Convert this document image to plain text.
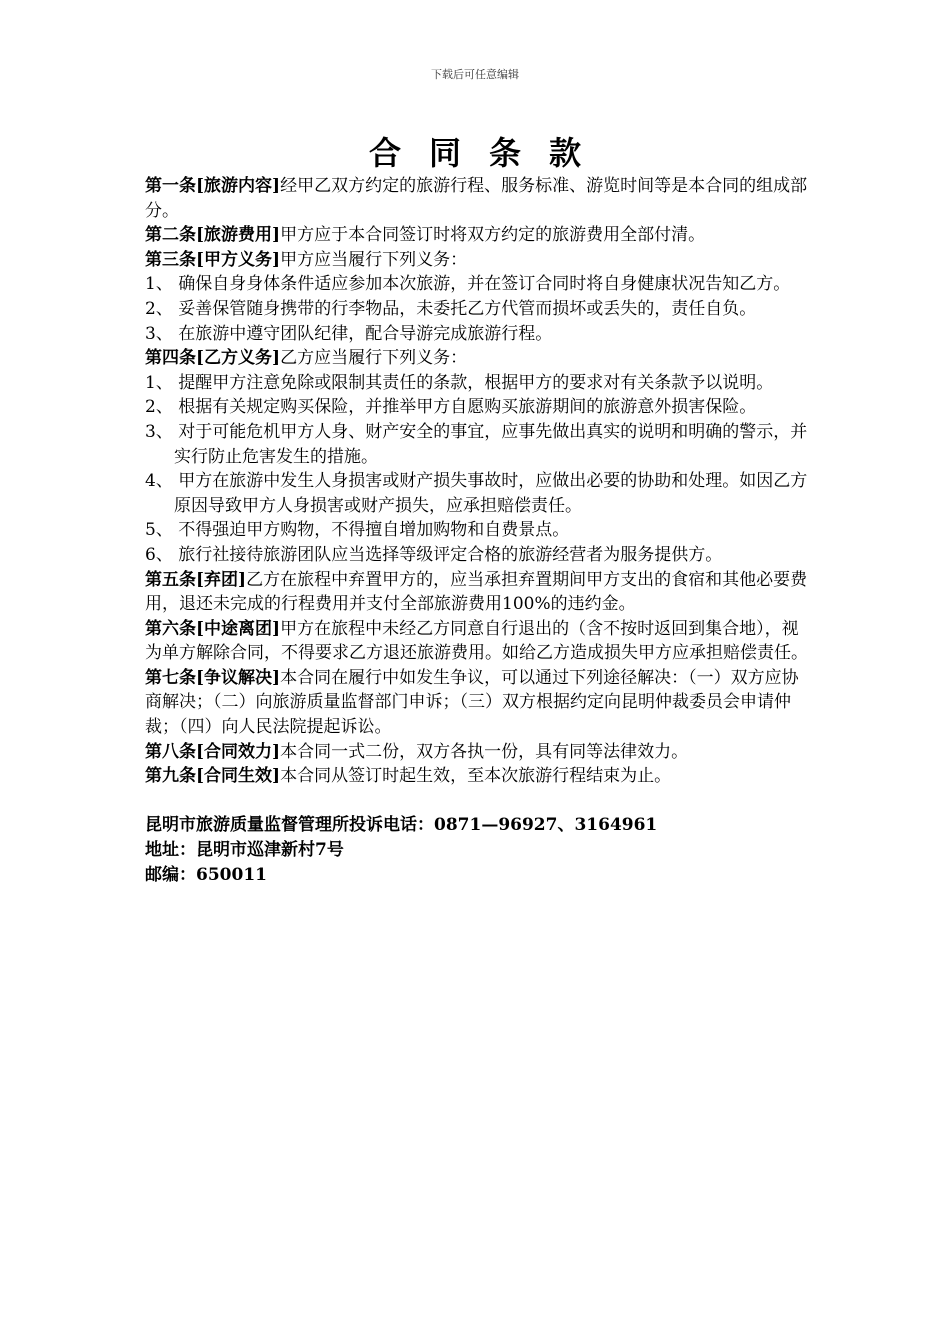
下载后可任意编辑
合同条款

第一条[旅游内容]经甲乙双方约定的旅游行程、服务标准、游览时间等是本合同的组成部分。

第二条[旅游费用]甲方应于本合同签订时将双方约定的旅游费用全部付清。

第三条[甲方义务]甲方应当履行下列义务：

1、 确保自身身体条件适应参加本次旅游，并在签订合同时将自身健康状况告知乙方。

2、 妥善保管随身携带的行李物品，未委托乙方代管而损坏或丢失的，责任自负。

3、 在旅游中遵守团队纪律，配合导游完成旅游行程。

第四条[乙方义务]乙方应当履行下列义务：

1、 提醒甲方注意免除或限制其责任的条款，根据甲方的要求对有关条款予以说明。

2、 根据有关规定购买保险，并推举甲方自愿购买旅游期间的旅游意外损害保险。

3、 对于可能危机甲方人身、财产安全的事宜，应事先做出真实的说明和明确的警示，并实行防止危害发生的措施。

4、 甲方在旅游中发生人身损害或财产损失事故时，应做出必要的协助和处理。如因乙方原因导致甲方人身损害或财产损失，应承担赔偿责任。

5、 不得强迫甲方购物，不得擅自增加购物和自费景点。

6、 旅行社接待旅游团队应当选择等级评定合格的旅游经营者为服务提供方。

第五条[弃团]乙方在旅程中弃置甲方的，应当承担弃置期间甲方支出的食宿和其他必要费用，退还未完成的行程费用并支付全部旅游费用100%的违约金。

第六条[中途离团]甲方在旅程中未经乙方同意自行退出的（含不按时返回到集合地），视为单方解除合同，不得要求乙方退还旅游费用。如给乙方造成损失甲方应承担赔偿责任。

第七条[争议解决]本合同在履行中如发生争议，可以通过下列途径解决：（一）双方应协商解决；（二）向旅游质量监督部门申诉；（三）双方根据约定向昆明仲裁委员会申请仲裁；（四）向人民法院提起诉讼。

第八条[合同效力]本合同一式二份，双方各执一份，具有同等法律效力。

第九条[合同生效]本合同从签订时起生效，至本次旅游行程结束为止。

昆明市旅游质量监督管理所投诉电话：0871—96927、3164961

地址：昆明市巡津新村7号

邮编：650011
